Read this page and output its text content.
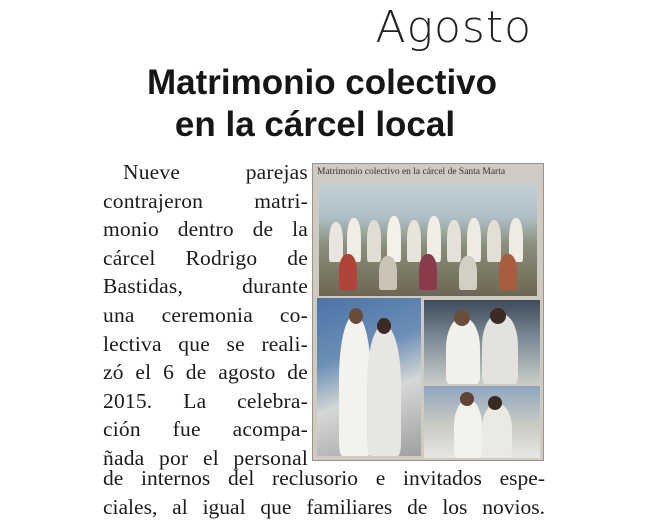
Agosto
Matrimonio colectivo
en la cárcel local
Nueve parejas
contrajeron matri-
monio dentro de la
cárcel Rodrigo de
Bastidas, durante
una ceremonia co-
lectiva que se reali-
zó el 6 de agosto de
2015. La celebra-
ción fue acompa-
ñada por el personal
de internos del reclusorio e invitados espe-
ciales, al igual que familiares de los novios.
Matrimonio colectivo en la cárcel de Santa Marta
